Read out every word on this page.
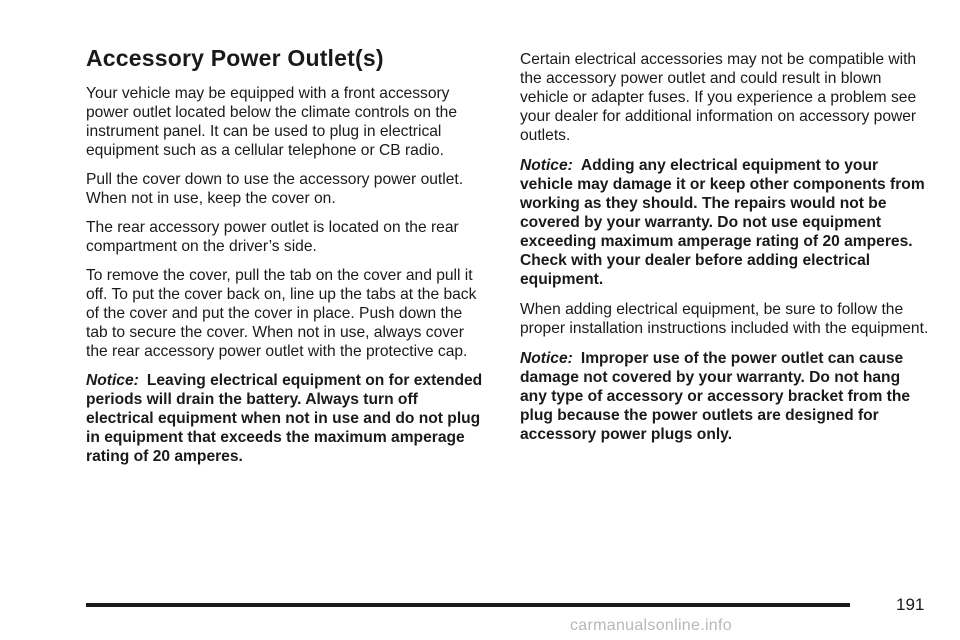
Accessory Power Outlet(s)

Your vehicle may be equipped with a front accessory power outlet located below the climate controls on the instrument panel. It can be used to plug in electrical equipment such as a cellular telephone or CB radio.

Pull the cover down to use the accessory power outlet. When not in use, keep the cover on.

The rear accessory power outlet is located on the rear compartment on the driver’s side.

To remove the cover, pull the tab on the cover and pull it off. To put the cover back on, line up the tabs at the back of the cover and put the cover in place. Push down the tab to secure the cover. When not in use, always cover the rear accessory power outlet with the protective cap.

Notice: Leaving electrical equipment on for extended periods will drain the battery. Always turn off electrical equipment when not in use and do not plug in equipment that exceeds the maximum amperage rating of 20 amperes.

Certain electrical accessories may not be compatible with the accessory power outlet and could result in blown vehicle or adapter fuses. If you experience a problem see your dealer for additional information on accessory power outlets.

Notice: Adding any electrical equipment to your vehicle may damage it or keep other components from working as they should. The repairs would not be covered by your warranty. Do not use equipment exceeding maximum amperage rating of 20 amperes. Check with your dealer before adding electrical equipment.

When adding electrical equipment, be sure to follow the proper installation instructions included with the equipment.

Notice: Improper use of the power outlet can cause damage not covered by your warranty. Do not hang any type of accessory or accessory bracket from the plug because the power outlets are designed for accessory power plugs only.

191
carmanualsonline.info
